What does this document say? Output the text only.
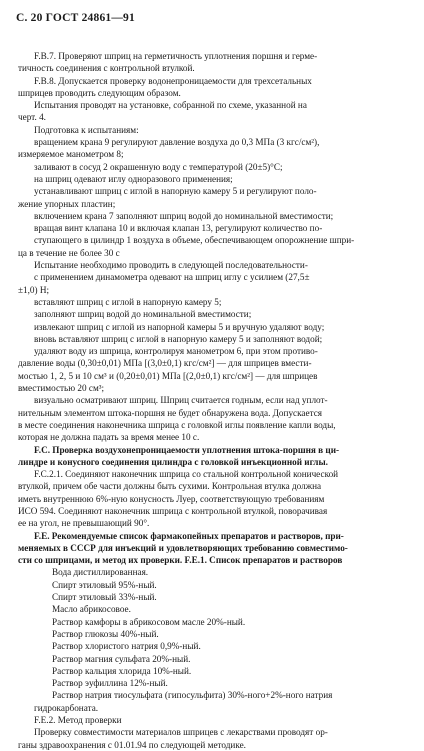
С. 20 ГОСТ 24861—91
F.B.7. Проверяют шприц на герметичность уплотнения поршня и герме-
тичность соединения с контрольной втулкой.
F.B.8. Допускается проверку водонепроницаемости для трехсетальных
шприцев проводить следующим образом.
Испытания проводят на установке, собранной по схеме, указанной на
черт. 4.
Подготовка к испытаниям:
вращением крана 9 регулируют давление воздуха до 0,3 MПа (3 кгс/см²),
измеряемое манометром 8;
заливают в сосуд 2 окрашенную воду с температурой (20±5)°С;
на шприц одевают иглу одноразового применения;
устанавливают шприц с иглой в напорную камеру 5 и регулируют поло-
жение упорных пластин;
включением крана 7 заполняют шприц водой до номинальной вместимости;
вращая винт клапана 10 и включая клапан 13, регулируют количество по-
ступающего в цилиндр 1 воздуха в объеме, обеспечивающем опорожнение шпри-
ца в течение не более 30 с
Испытание необходимо проводить в следующей последовательности-
с применением динамометра одевают на шприц иглу с усилием (27,5±
±1,0) Н;
вставляют шприц с иглой в напорную камеру 5;
заполняют шприц водой до номинальной вместимости;
извлекают шприц с иглой из напорной камеры 5 и вручную удаляют воду;
вновь вставляют шприц с иглой в напорную камеру 5 и заполняют водой;
удаляют воду из шприца, контролируя манометром 6, при этом противо-
давление воды (0,30±0,01) MПа [(3,0±0,1) кгс/см²] — для шприцев вмести-
мостью 1, 2, 5 и 10 см³ и (0,20±0,01) MПа [(2,0±0,1) кгс/см²] — для шприцев
вместимостью 20 см³;
визуально осматривают шприц. Шприц считается годным, если над уплот-
нительным элементом штока-поршня не будет обнаружена вода. Допускается
в месте соединения наконечника шприца с головкой иглы появление капли воды,
которая не должна падать за время менее 10 с.
F.C. Проверка воздухонепроницаемости уплотнения штока-поршня в ци-
линдре и конусного соединения цилиндра с головкой инъекционной иглы.
F.C.2.1. Соединяют наконечник шприца со стальной контрольной конической
втулкой, причем обе части должны быть сухими. Контрольная втулка должна
иметь внутреннюю 6%-ную конусность Луер, соответствующую требованиям
ИСО 594. Соединяют наконечник шприца с контрольной втулкой, поворачивая
ее на угол, не превышающий 90°.
F.E. Рекомендуемые список фармакопейных препаратов и растворов, при-
меняемых в СССР для инъекций и удовлетворяющих требованию совместимо-
сти со шприцами, и метод их проверки. F.E.1. Список препаратов и растворов
Вода дистиллированная.
Спирт этиловый 95%-ный.
Спирт этиловый 33%-ный.
Масло абрикосовое.
Раствор камфоры в абрикосовом масле 20%-ный.
Раствор глюкозы 40%-ный.
Раствор хлористого натрия 0,9%-ный.
Раствор магния сульфата 20%-ный.
Раствор кальция хлорида 10%-ный.
Раствор эуфиллина 12%-ный.
Раствор натрия тиосульфата (гипосульфита) 30%-ного+2%-ного натрия
гидрокарбоната.
F.E.2. Метод проверки
Проверку совместимости материалов шприцев с лекарствами проводят ор-
ганы здравоохранения с 01.01.94 по следующей методике.
